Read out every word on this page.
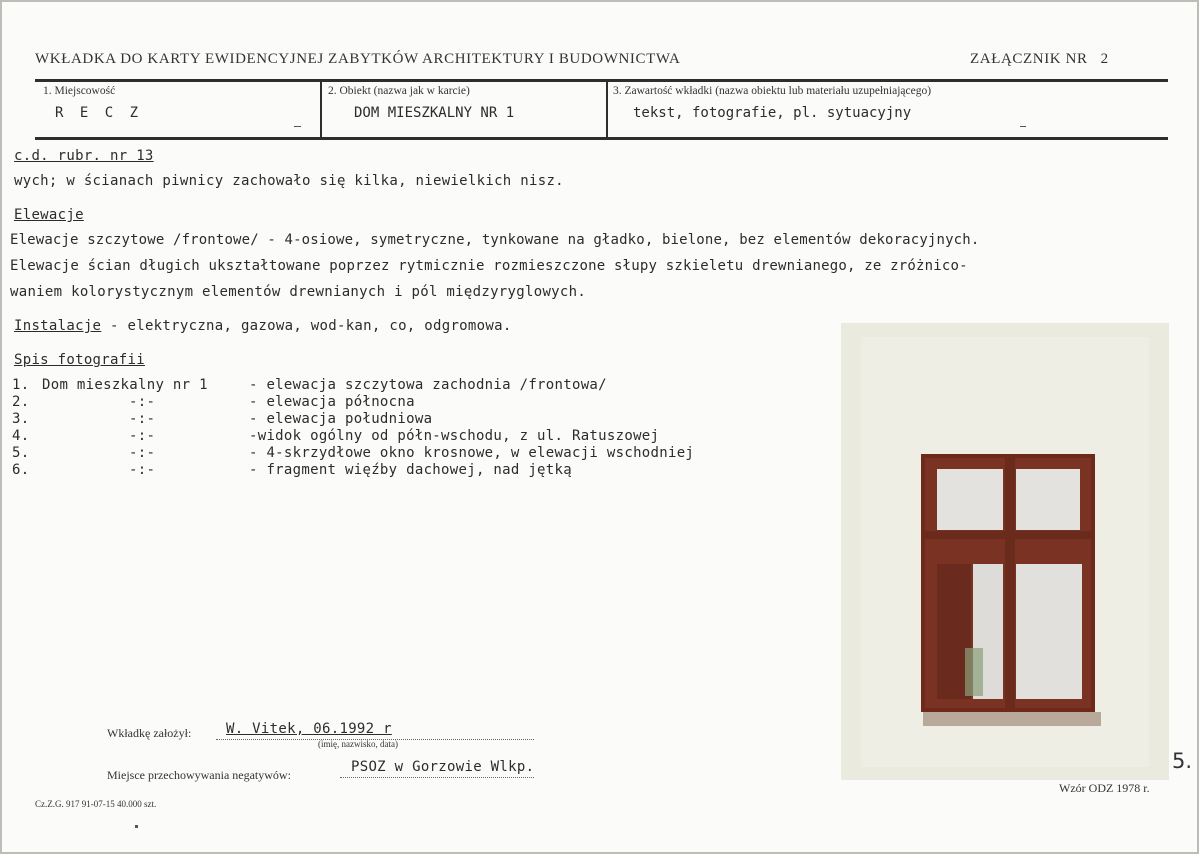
WKŁADKA DO KARTY EWIDENCYJNEJ ZABYTKÓW ARCHITEKTURY I BUDOWNICTWA	ZAŁĄCZNIK NR   2
1. Miejscowość
R E C Z
2. Obiekt (nazwa jak w karcie)
DOM MIESZKALNY NR 1
3. Zawartość wkładki (nazwa obiektu lub materiału uzupełniającego)
tekst, fotografie, pl. sytuacyjny
c.d. rubr. nr 13
wych; w ścianach piwnicy zachowało się kilka, niewielkich nisz.
Elewacje
Elewacje szczytowe /frontowe/ - 4-osiowe, symetryczne, tynkowane na gładko, bielone, bez elementów dekoracyjnych.
Elewacje ścian długich ukształtowane poprzez rytmicznie rozmieszczone słupy szkieletu drewnianego, ze zróżnico-
waniem kolorystycznym elementów drewnianych i pól międzyryglowych.
Instalacje - elektryczna, gazowa, wod-kan, co, odgromowa.
Spis fotografii
1. Dom mieszkalny nr 1	- elewacja szczytowa zachodnia /frontowa/
2.	-:-	- elewacja północna
3.	-:-	- elewacja południowa
4.	-:-	-widok ogólny od półn-wschodu, z ul. Ratuszowej
5.	-:-	- 4-skrzydłowe okno krosnowe, w elewacji wschodniej
6.	-:-	- fragment więźby dachowej, nad jętką
Wkładkę założył: W. Vitek, 06.1992 r
(imię, nazwisko, data)
Miejsce przechowywania negatywów:	PSOZ w Gorzowie Wlkp.
Cz.Z.G. 917 91-07-15 40.000 szt.
Wzór ODZ 1978 r.
5.
